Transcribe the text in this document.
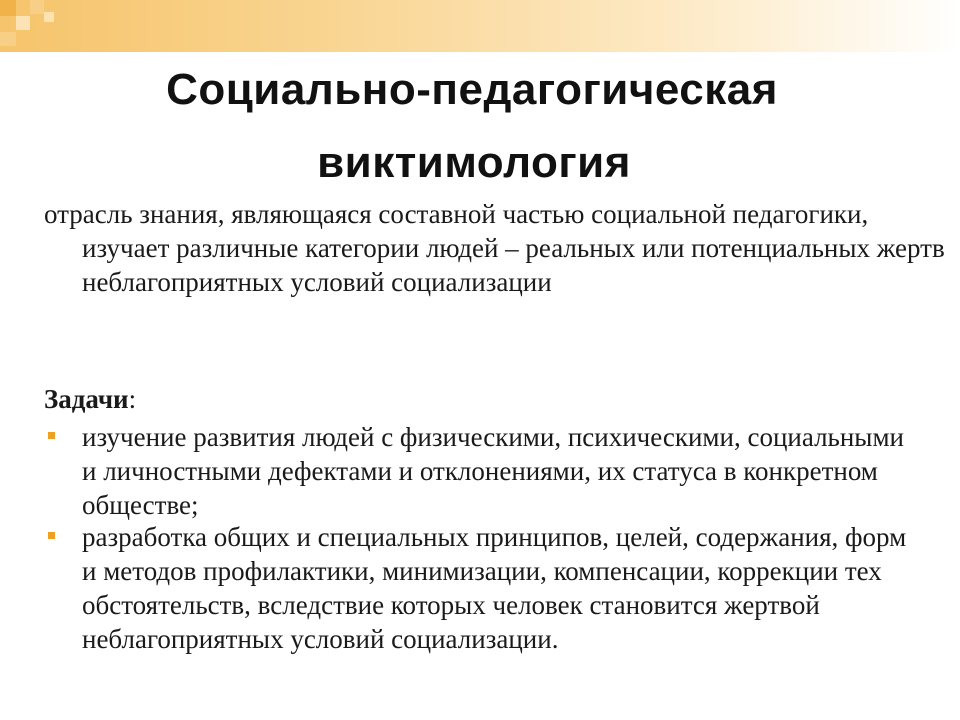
Социально-педагогическая
виктимология
отрасль знания, являющаяся составной частью социальной педагогики, изучает различные категории людей – реальных или потенциальных жертв неблагоприятных условий социализации
Задачи:
изучение развития людей с физическими, психическими, социальными и личностными дефектами и отклонениями, их статуса в конкретном обществе;
разработка общих и специальных принципов, целей, содержания, форм и методов профилактики, минимизации, компенсации, коррекции тех обстоятельств, вследствие которых человек становится жертвой неблагоприятных условий социализации.
